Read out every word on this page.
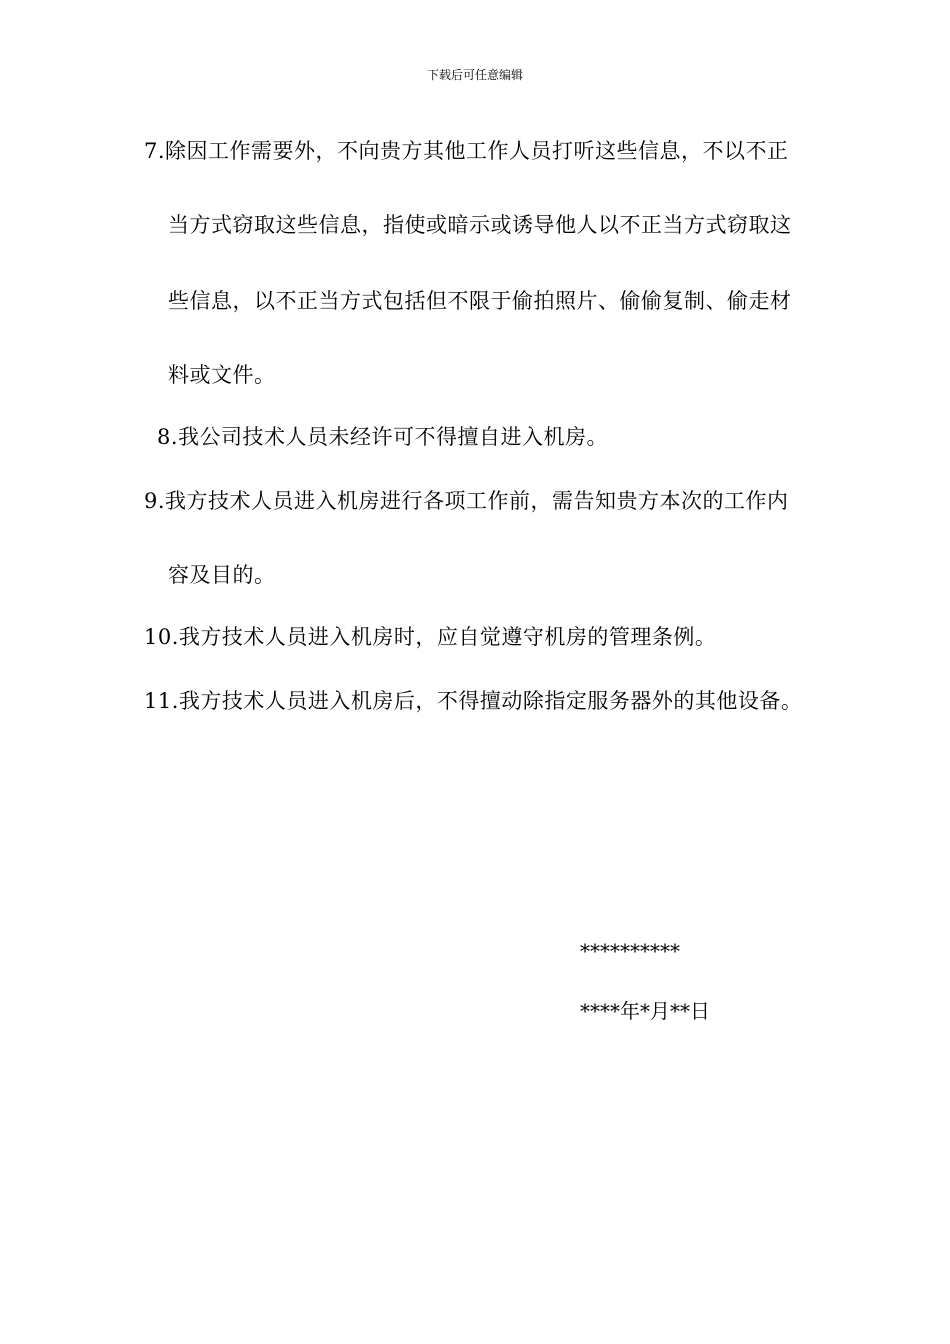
下载后可任意编辑
7.除因工作需要外，不向贵方其他工作人员打听这些信息，不以不正
当方式窃取这些信息，指使或暗示或诱导他人以不正当方式窃取这
些信息，以不正当方式包括但不限于偷拍照片、偷偷复制、偷走材
料或文件。
8.我公司技术人员未经许可不得擅自进入机房。
9.我方技术人员进入机房进行各项工作前，需告知贵方本次的工作内
容及目的。
10.我方技术人员进入机房时，应自觉遵守机房的管理条例。
11.我方技术人员进入机房后，不得擅动除指定服务器外的其他设备。
**********
****年*月**日
